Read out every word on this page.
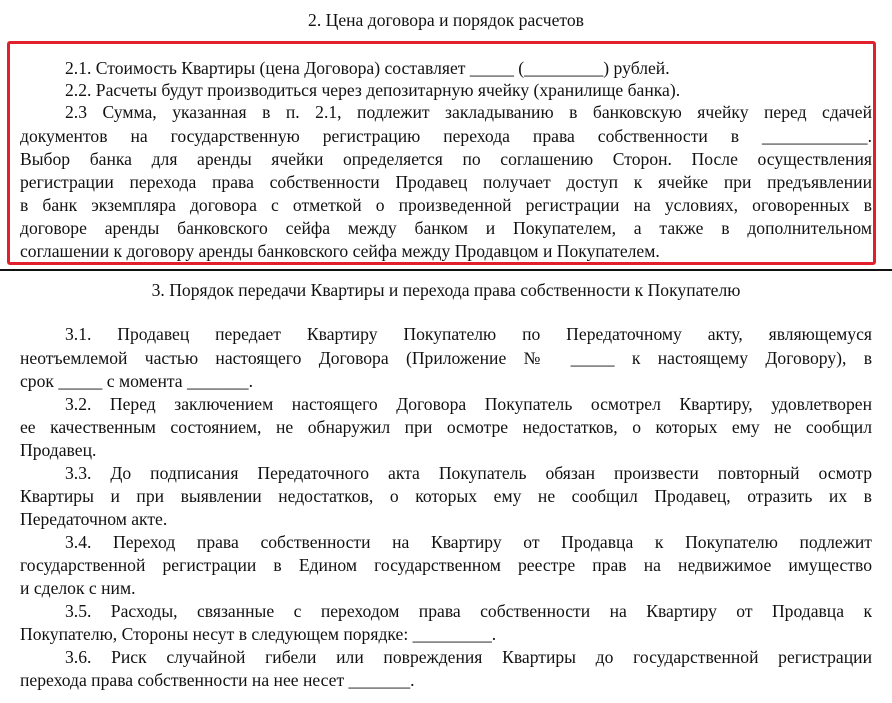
2. Цена договора и порядок расчетов
2.1. Стоимость Квартиры (цена Договора) составляет _____ (_________) рублей.
2.2. Расчеты будут производиться через депозитарную ячейку (хранилище банка).
2.3 Сумма, указанная в п. 2.1, подлежит закладыванию в банковскую ячейку перед сдачей
документов на государственную регистрацию перехода права собственности в ____________.
Выбор банка для аренды ячейки определяется по соглашению Сторон. После осуществления
регистрации перехода права собственности Продавец получает доступ к ячейке при предъявлении
в банк экземпляра договора с отметкой о произведенной регистрации на условиях, оговоренных в
договоре аренды банковского сейфа между банком и Покупателем, а также в дополнительном
соглашении к договору аренды банковского сейфа между Продавцом и Покупателем.
3. Порядок передачи Квартиры и перехода права собственности к Покупателю
3.1. Продавец передает Квартиру Покупателю по Передаточному акту, являющемуся
неотъемлемой частью настоящего Договора (Приложение № _____ к настоящему Договору), в
срок _____ с момента _______.
3.2. Перед заключением настоящего Договора Покупатель осмотрел Квартиру, удовлетворен
ее качественным состоянием, не обнаружил при осмотре недостатков, о которых ему не сообщил
Продавец.
3.3. До подписания Передаточного акта Покупатель обязан произвести повторный осмотр
Квартиры и при выявлении недостатков, о которых ему не сообщил Продавец, отразить их в
Передаточном акте.
3.4. Переход права собственности на Квартиру от Продавца к Покупателю подлежит
государственной регистрации в Едином государственном реестре прав на недвижимое имущество
и сделок с ним.
3.5. Расходы, связанные с переходом права собственности на Квартиру от Продавца к
Покупателю, Стороны несут в следующем порядке: _________.
3.6. Риск случайной гибели или повреждения Квартиры до государственной регистрации
перехода права собственности на нее несет _______.
